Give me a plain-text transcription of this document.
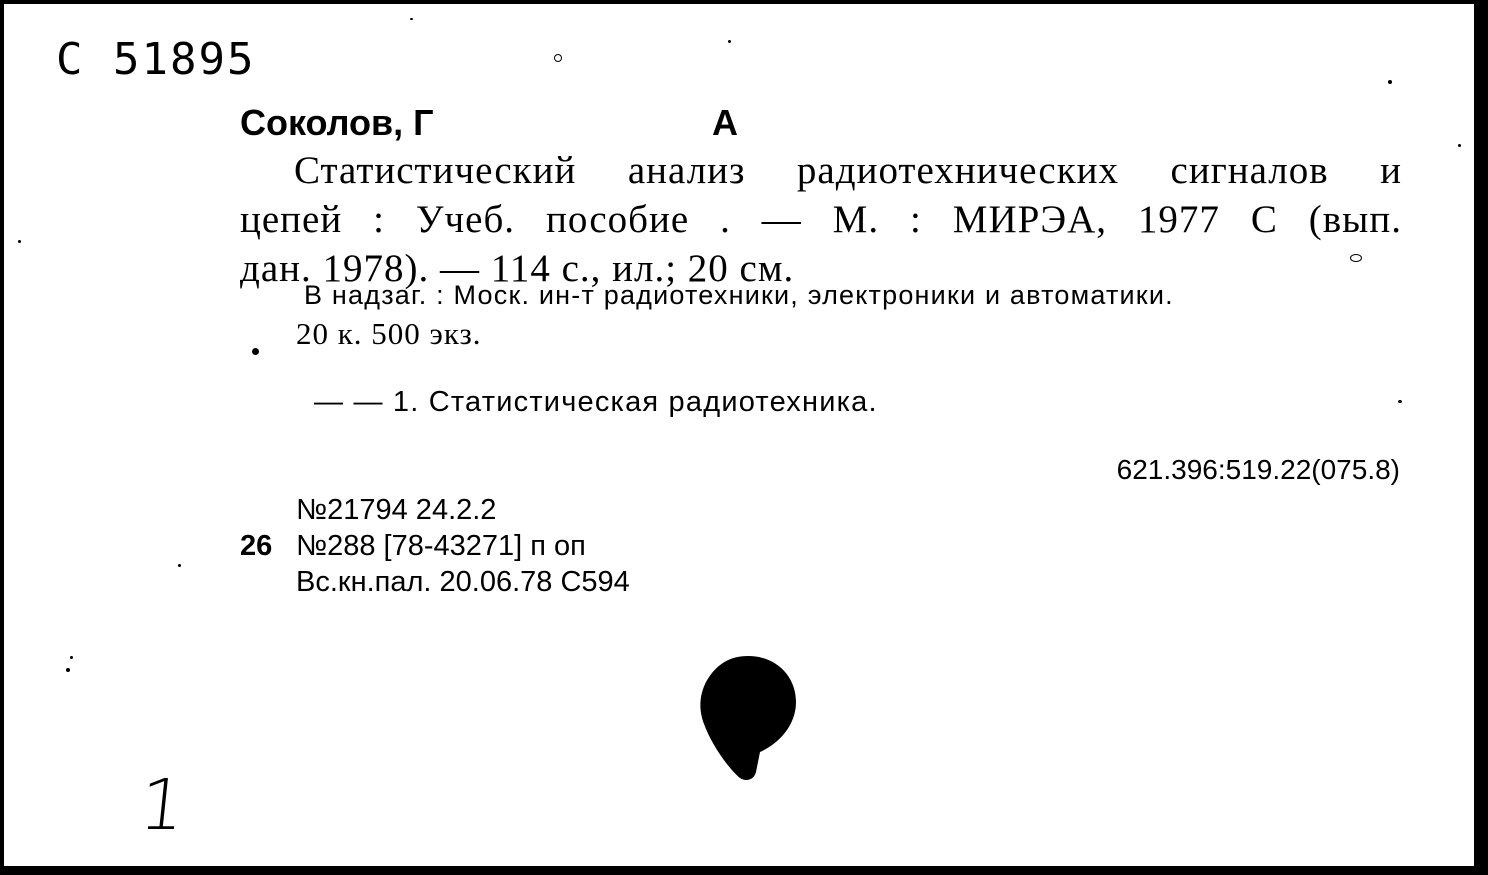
С 51895
Соколов, Г	А
Статистический анализ радиотехнических сигналов и
цепей : Учеб. пособие . — М. : МИРЭА, 1977 С (вып.
дан. 1978). — 114 с., ил.; 20 см.
В надзаг. : Моск. ин-т радиотехники, электроники и автоматики.
20 к. 500 экз.
— — 1. Статистическая радиотехника.
621.396:519.22(075.8)
26
№21794 24.2.2
№288 [78-43271] п оп
Вс.кн.пал. 20.06.78 С594
1
